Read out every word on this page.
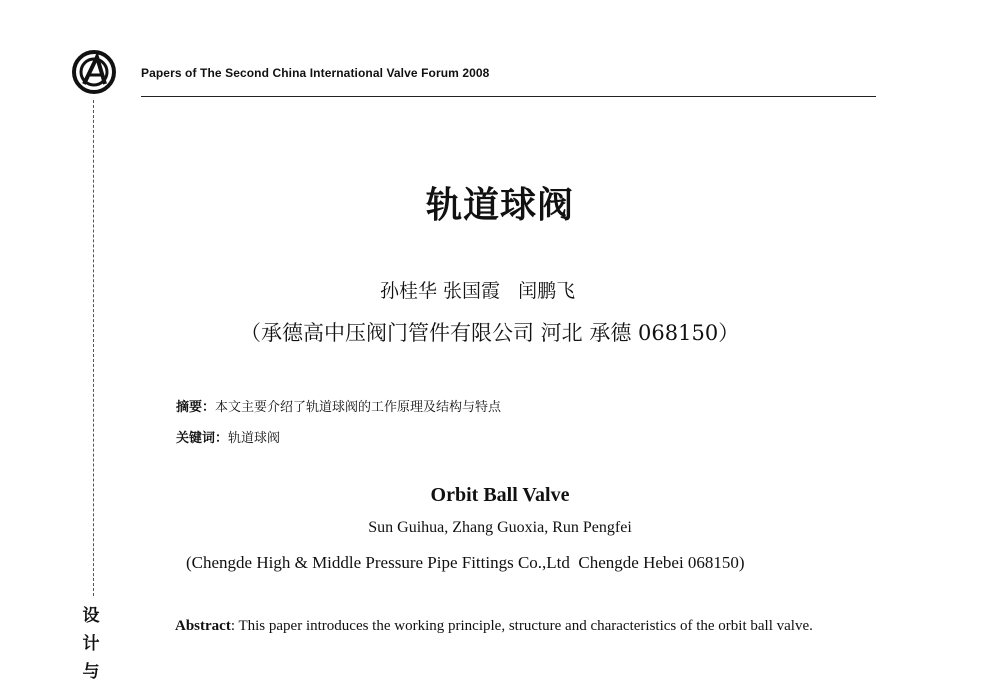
Papers of The Second China International Valve Forum 2008
设
计
与
轨道球阀
孙桂华 张国霞   闰鹏飞
（承德高中压阀门管件有限公司 河北 承德 068150）
摘要：本文主要介绍了轨道球阀的工作原理及结构与特点
关键词：轨道球阀
Orbit Ball Valve
Sun Guihua, Zhang Guoxia, Run Pengfei
(Chengde High & Middle Pressure Pipe Fittings Co.,Ltd  Chengde Hebei 068150)
Abstract: This paper introduces the working principle, structure and characteristics of the orbit ball valve.
